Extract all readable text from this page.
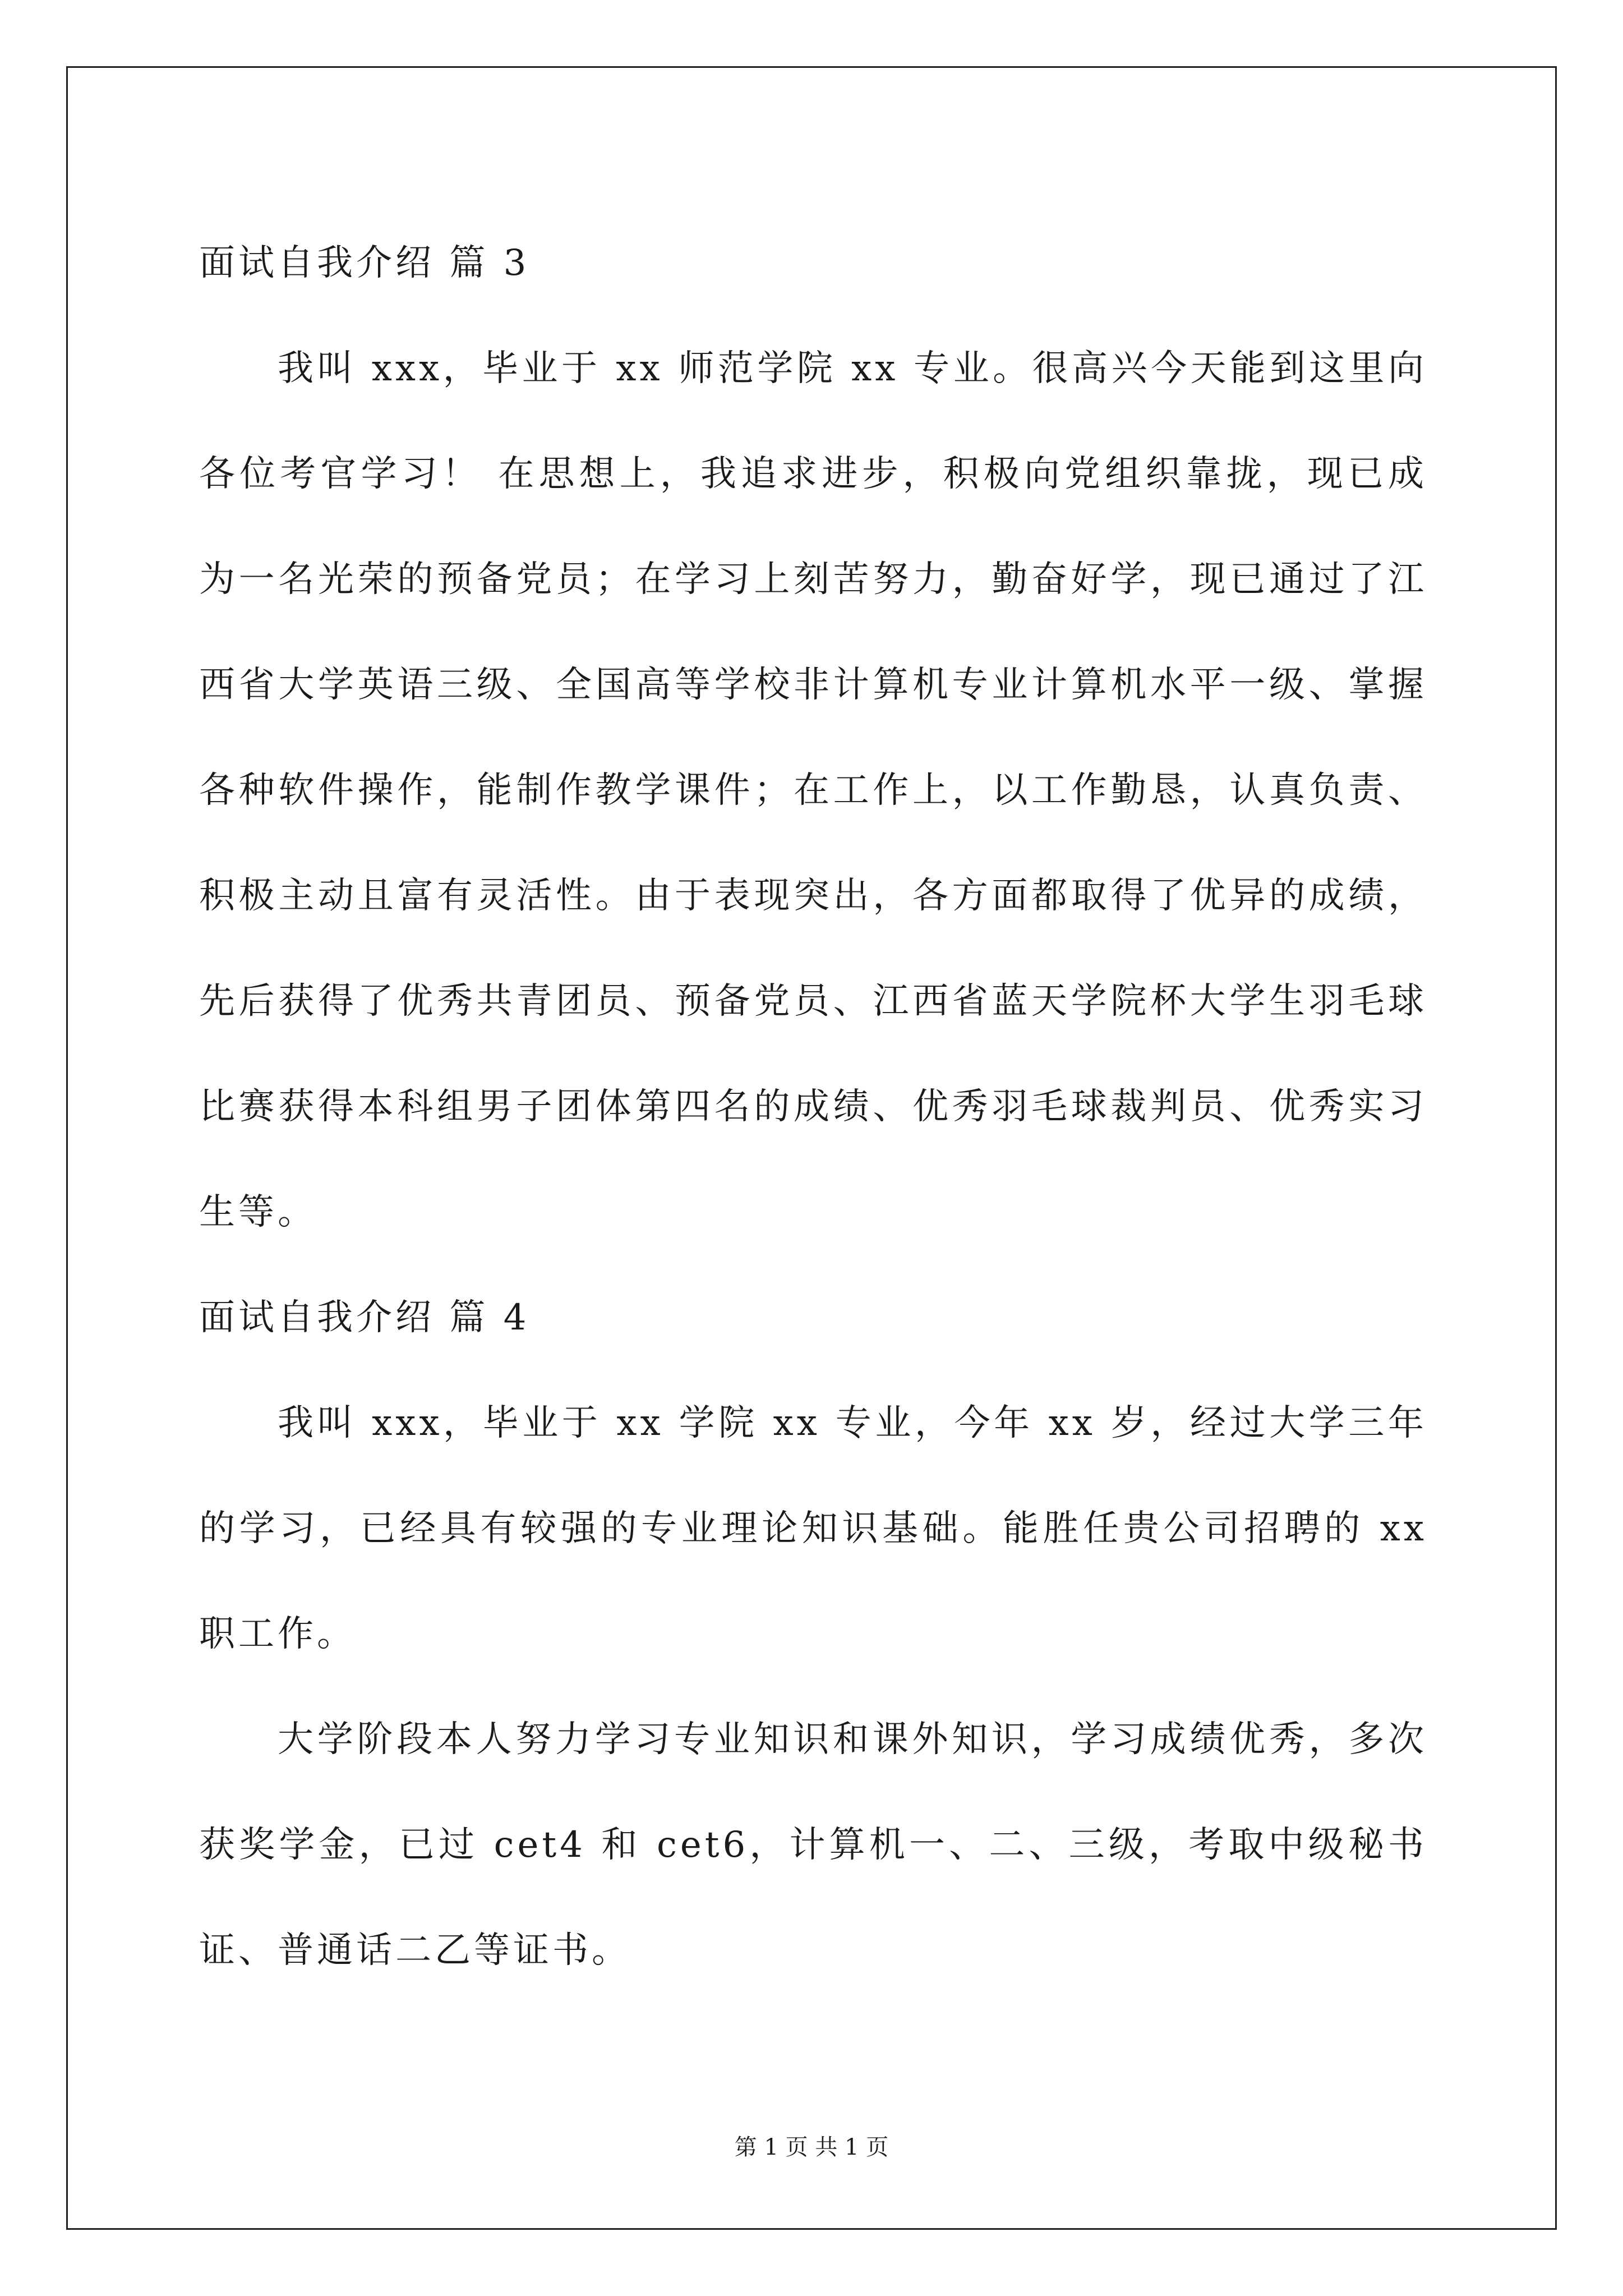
面试自我介绍 篇 3

我叫 xxx，毕业于 xx 师范学院 xx 专业。很高兴今天能到这里向各位考官学习！ 在思想上，我追求进步，积极向党组织靠拢，现已成为一名光荣的预备党员；在学习上刻苦努力，勤奋好学，现已通过了江西省大学英语三级、全国高等学校非计算机专业计算机水平一级、掌握各种软件操作，能制作教学课件；在工作上，以工作勤恳，认真负责、积极主动且富有灵活性。由于表现突出，各方面都取得了优异的成绩，先后获得了优秀共青团员、预备党员、江西省蓝天学院杯大学生羽毛球比赛获得本科组男子团体第四名的成绩、优秀羽毛球裁判员、优秀实习生等。

面试自我介绍 篇 4

我叫 xxx，毕业于 xx 学院 xx 专业，今年 xx 岁，经过大学三年的学习，已经具有较强的专业理论知识基础。能胜任贵公司招聘的 xx 职工作。

大学阶段本人努力学习专业知识和课外知识，学习成绩优秀，多次获奖学金，已过 cet4 和 cet6，计算机一、二、三级，考取中级秘书证、普通话二乙等证书。

第 1 页 共 1 页
